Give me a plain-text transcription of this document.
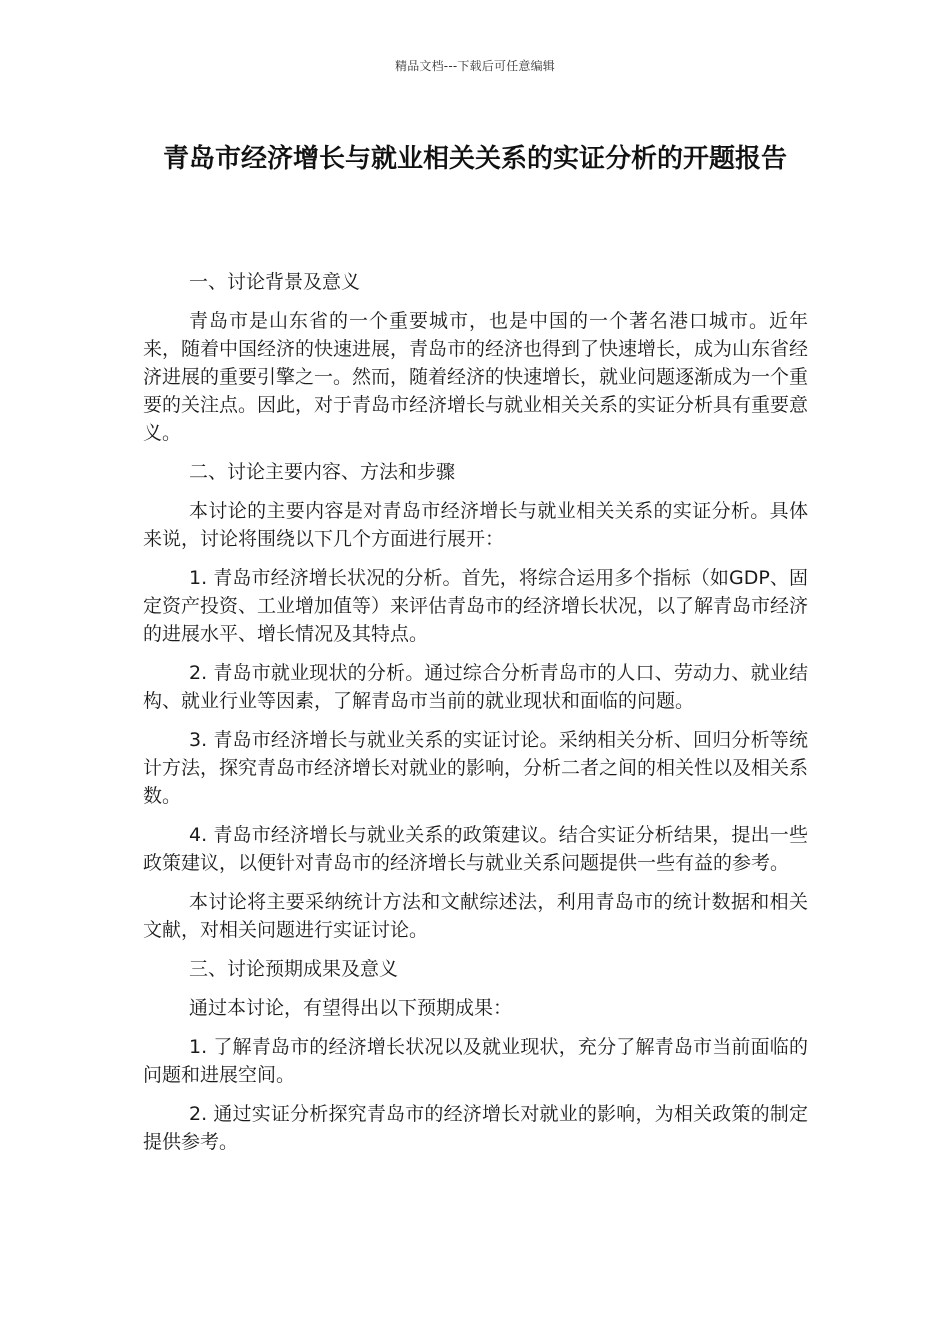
精品文档---下载后可任意编辑
青岛市经济增长与就业相关关系的实证分析的开题报告

一、讨论背景及意义

青岛市是山东省的一个重要城市，也是中国的一个著名港口城市。近年来，随着中国经济的快速进展，青岛市的经济也得到了快速增长，成为山东省经济进展的重要引擎之一。然而，随着经济的快速增长，就业问题逐渐成为一个重要的关注点。因此，对于青岛市经济增长与就业相关关系的实证分析具有重要意义。

二、讨论主要内容、方法和步骤

本讨论的主要内容是对青岛市经济增长与就业相关关系的实证分析。具体来说，讨论将围绕以下几个方面进行展开：

1. 青岛市经济增长状况的分析。首先，将综合运用多个指标（如GDP、固定资产投资、工业增加值等）来评估青岛市的经济增长状况，以了解青岛市经济的进展水平、增长情况及其特点。

2. 青岛市就业现状的分析。通过综合分析青岛市的人口、劳动力、就业结构、就业行业等因素，了解青岛市当前的就业现状和面临的问题。

3. 青岛市经济增长与就业关系的实证讨论。采纳相关分析、回归分析等统计方法，探究青岛市经济增长对就业的影响，分析二者之间的相关性以及相关系数。

4. 青岛市经济增长与就业关系的政策建议。结合实证分析结果，提出一些政策建议，以便针对青岛市的经济增长与就业关系问题提供一些有益的参考。

本讨论将主要采纳统计方法和文献综述法，利用青岛市的统计数据和相关文献，对相关问题进行实证讨论。

三、讨论预期成果及意义

通过本讨论，有望得出以下预期成果：

1. 了解青岛市的经济增长状况以及就业现状，充分了解青岛市当前面临的问题和进展空间。

2. 通过实证分析探究青岛市的经济增长对就业的影响，为相关政策的制定提供参考。
